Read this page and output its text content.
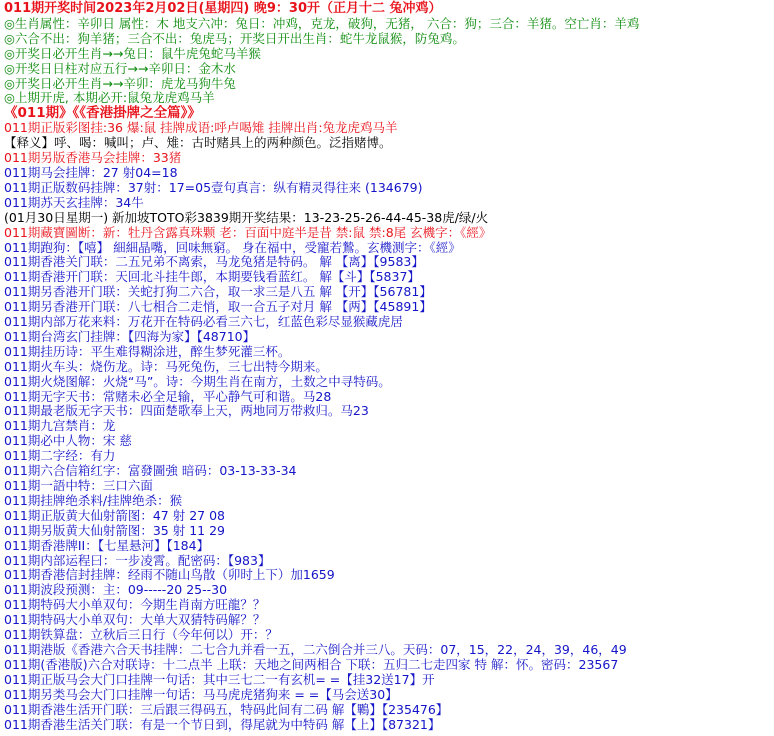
011期开奖时间2023年2月02日(星期四) 晚9：30开（正月十二 兔冲鸡）
◎生肖属性：辛卯日 属性：木 地支六冲：兔日：冲鸡，克龙，破狗，无猪， 六合：狗；三合：羊猪。空亡肖：羊鸡
◎六合不出：狗羊猪；三合不出：兔虎马；开奖日开出生肖：蛇牛龙鼠猴，防兔鸡。
◎开奖日必开生肖→→兔日：鼠牛虎兔蛇马羊猴
◎开奖日日柱对应五行→→辛卯日：金木水
◎开奖日必开生肖→→辛卯：虎龙马狗牛兔
◎上期开虎, 本期必开:鼠兔龙虎鸡马羊
《011期》《《香港掛牌之全篇》》
011期正版彩图挂:36 爆:鼠 挂牌成语:呼卢喝雉 挂牌出肖:兔龙虎鸡马羊
【释义】呼、喝：喊叫；卢、雉：古时赌具上的两种颜色。泛指赌博。
011期另版香港马会挂牌：33猪
011期马会挂牌：27 射04=18
011期正版数码挂牌：37射：17=05壹句真言：纵有精灵得往来 (134679)
011期苏天玄挂牌：34牛
(01月30日星期一) 新加坡TOTO彩3839期开奖结果：13-23-25-26-44-45-38虎/绿/火
011期藏寶圖断：新：牡丹含露真珠颗 老：百面中庭半是昔 禁:鼠 禁:8尾 玄機字：《經》
011期跑狗：【嘻】 細細晶嘴，回味無窮。 身在福中，受寵若鷙。玄機测字：《經》
011期香港关门联：二五兄弟不离索，马龙兔猪是特码。 解 【离】【9583】
011期香港开门联：天回北斗挂牛郎，本期要钱看蓝红。 解【斗】【5837】
011期另香港开门联：关蛇打狗二六合，取一求三是八五 解 【开】【56781】
011期另香港开门联：八七相合二走悄，取一合五子对月 解 【两】【45891】
011期内部万花来料：万花开在特码必看三六七，红蓝色彩尽显猴藏虎居
011期台湾玄门挂牌：【四海为家】【48710】
011期挂历诗：平生难得糊涂进，醉生梦死灌三杯。
011期火车头：烧伤龙。诗：马死兔伤，三七出特今期来。
011期火烧图解：火烧“马”。诗：今期生肖在南方，土数之中寻特码。
011期无字天书：常赌未必全足输，平心静气可和谐。马28
011期最老版无字天书：四面楚歌奉上天，两地同万带救归。马23
011期九宫禁肖：龙
011期必中人物：宋 慈
011期二字经：有力
011期六合信箱红字：富發圖強 暗码：03-13-33-34
011期一語中特：三口六面
011期挂牌绝杀料/挂牌绝杀：猴
011期正版黄大仙射箭图：47 射 27 08
011期另版黄大仙射箭图：35 射 11 29
011期香港牌II：【七星悬河】【184】
011期内部运程曰：一步凌霄。配密码：【983】
011期香港信封挂牌：经雨不随山鸟散（卯时上下）加1659
011期波段预测：主：09-----20 25--30
011期特码大小单双句：今期生肖南方旺龍？？
011期特码大小单双句：大单大双猜特码解？？
011期铁算盘：立秋后三日行（今年何以）开：？
011期港版《香港六合天书挂牌：二七合九并看一五，二六倒合并三八。天码：07，15，22，24，39，46，49
011期(香港版)六合对联诗：十二点半 上联：天地之间两相合 下联：五归二七走四家 特 解：怀。密码：23567
011期正版马会大门口挂牌一句话：其中三七二一有玄机= =【挂32送17】开
011期另类马会大门口挂牌一句话：马马虎虎猪狗来 = =【马会送30】
011期香港生活开门联：三后跟三得码五，特码此间有二码 解【鷝】【235476】
011期香港生活关门联：有是一个节日到，得尾就为中特码 解【上】【87321】
